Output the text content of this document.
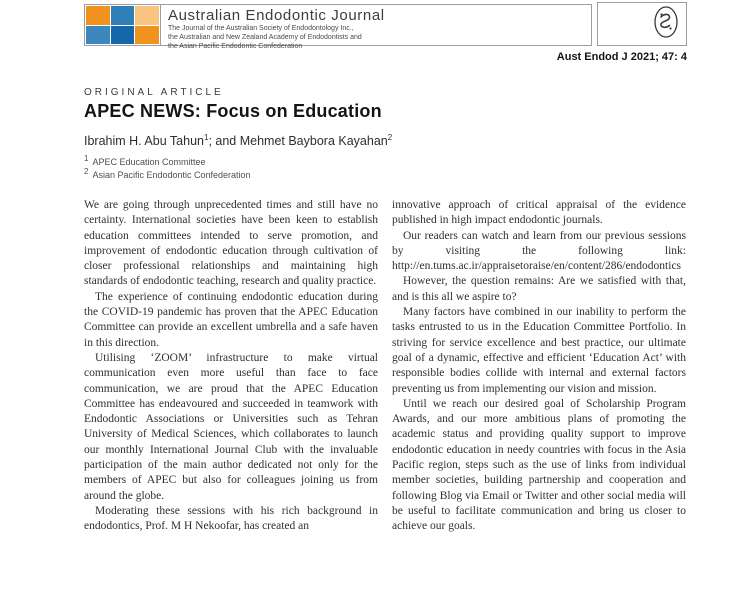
Australian Endodontic Journal
The Journal of the Australian Society of Endodontology Inc.,
the Australian and New Zealand Academy of Endodontists and
the Asian Pacific Endodontic Confederation
Aust Endod J 2021; 47: 4
ORIGINAL ARTICLE
APEC NEWS: Focus on Education
Ibrahim H. Abu Tahun$^1$; and Mehmet Baybora Kayahan$^2$
$^1$ APEC Education Committee
$^2$ Asian Pacific Endodontic Confederation

We are going through unprecedented times and still have no certainty. International societies have been keen to establish education committees intended to serve promotion, and improvement of endodontic education through cultivation of closer professional relationships and maintaining high standards of endodontic teaching, research and quality practice.

The experience of continuing endodontic education during the COVID-19 pandemic has proven that the APEC Education Committee can provide an excellent umbrella and a safe haven in this direction.

Utilising ‘ZOOM’ infrastructure to make virtual communication even more useful than face to face communication, we are proud that the APEC Education Committee has endeavoured and succeeded in teamwork with Endodontic Associations or Universities such as Tehran University of Medical Sciences, which collaborates to launch our monthly International Journal Club with the invaluable participation of the main author dedicated not only for the members of APEC but also for colleagues joining us from around the globe.

Moderating these sessions with his rich background in endodontics, Prof. M H Nekoofar, has created an

innovative approach of critical appraisal of the evidence published in high impact endodontic journals.

Our readers can watch and learn from our previous sessions by visiting the following link: http://en.tums.ac.ir/appraisetoraise/en/content/286/endodontics

However, the question remains: Are we satisfied with that, and is this all we aspire to?

Many factors have combined in our inability to perform the tasks entrusted to us in the Education Committee Portfolio. In striving for service excellence and best practice, our ultimate goal of a dynamic, effective and efficient ‘Education Act’ with responsible bodies collide with internal and external factors preventing us from implementing our vision and mission.

Until we reach our desired goal of Scholarship Program Awards, and our more ambitious plans of promoting the academic status and providing quality support to improve endodontic education in needy countries with focus in the Asia Pacific region, steps such as the use of links from individual member societies, building partnership and cooperation and following Blog via Email or Twitter and other social media will be useful to facilitate communication and bring us closer to achieve our goals.
